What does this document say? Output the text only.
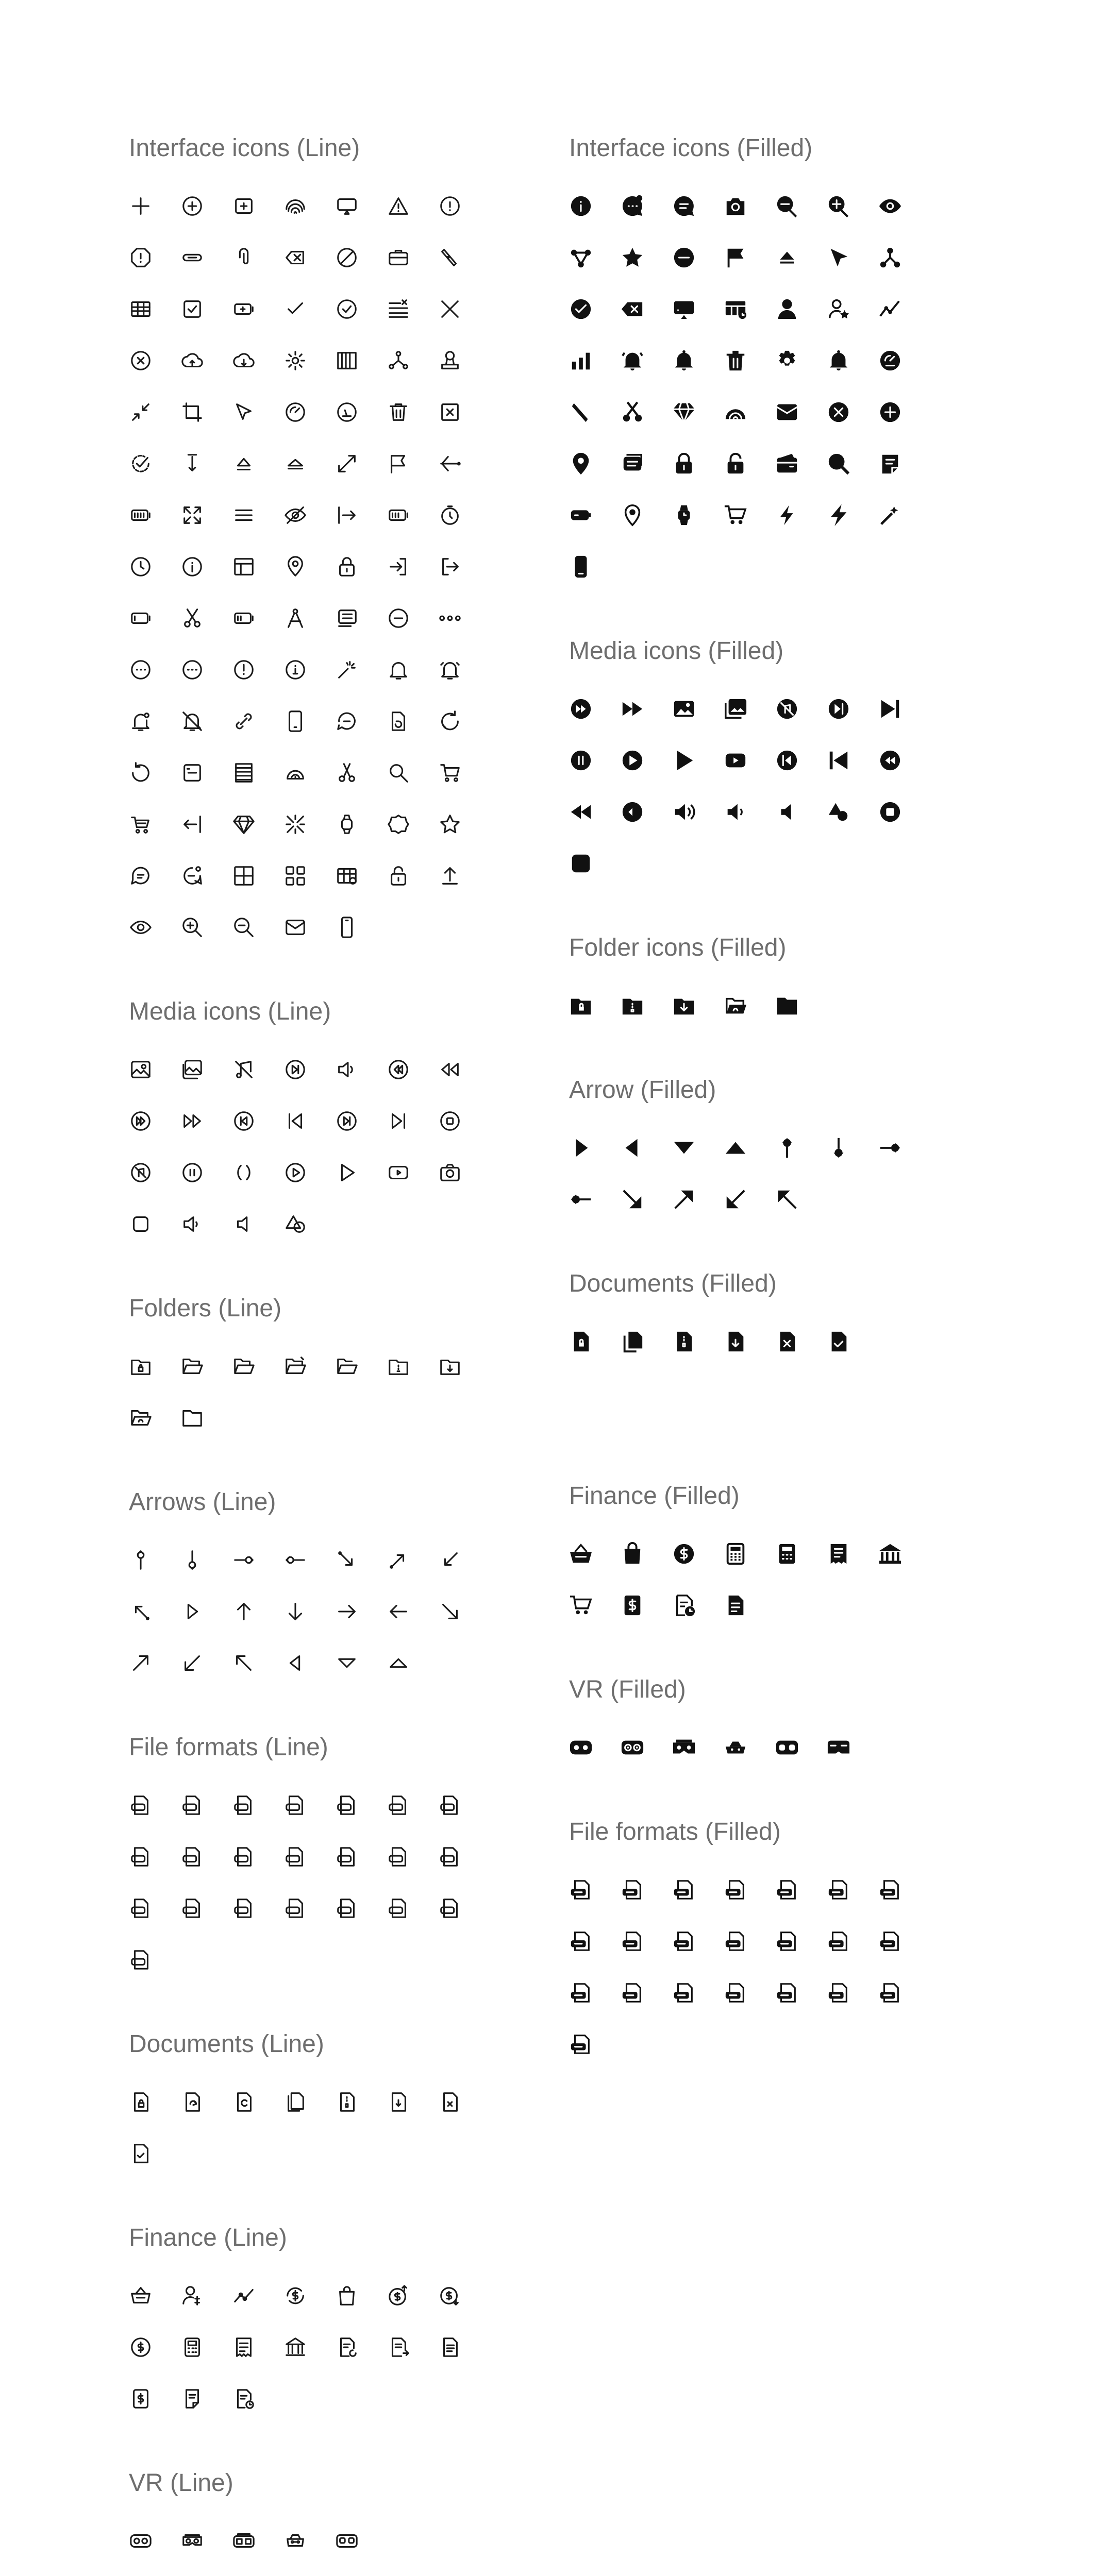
Interface icons (Line)
Media icons (Line)
Folders (Line)
Arrows (Line)
File formats (Line)
Documents (Line)
Finance (Line)
VR (Line)
Interface icons (Filled)
Media icons (Filled)
Folder icons (Filled)
Arrow (Filled)
Documents (Filled)
Finance (Filled)
VR (Filled)
File formats (Filled)
